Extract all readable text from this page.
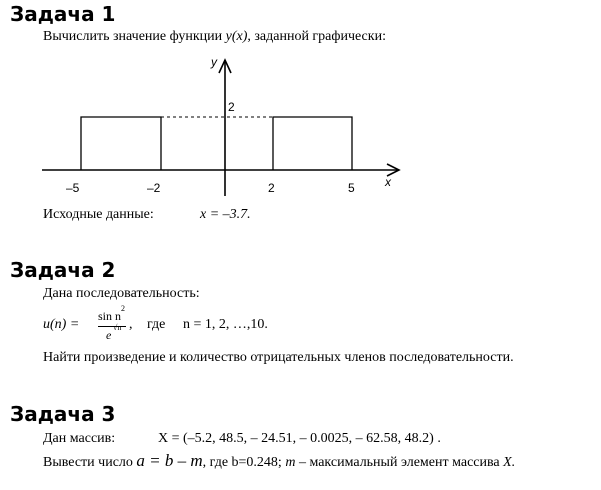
Задача 1

Вычислить значение функции y(x), заданной графически:

y
x
2
–5	–2	2	5

Исходные данные:	x = –3.7.

Задача 2

Дана последовательность:

u(n) =
sin n
2
e
√n , где n = 1, 2, …,10.

Найти произведение и количество отрицательных членов последовательности.

Задача 3

Дан массив:	X = (–5.2, 48.5, – 24.51, – 0.0025, – 62.58, 48.2) .

Вывести число a = b – m, где b=0.248; m – максимальный элемент массива X.
